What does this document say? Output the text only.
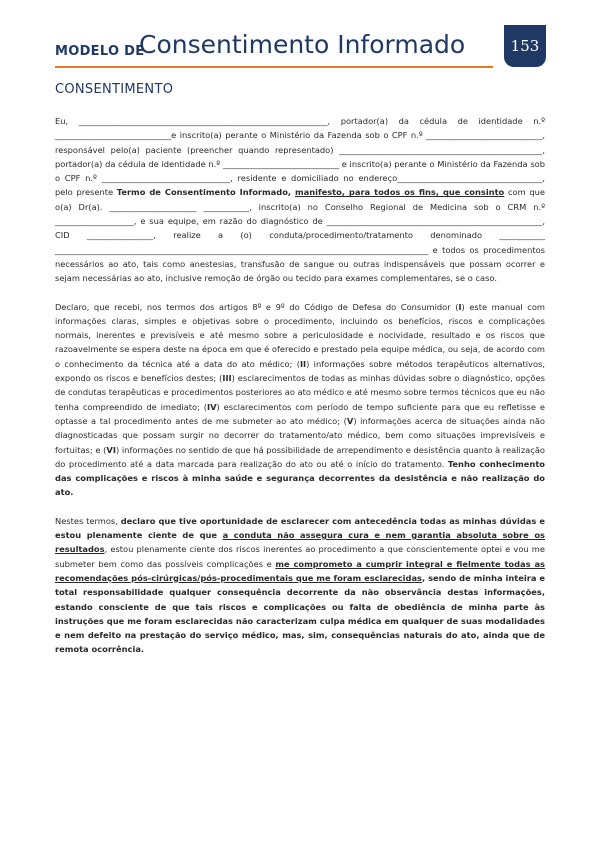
MODELO DE
Consentimento Informado	153
CONSENTIMENTO

Eu, ____________________________________________________________, portador(a) da cédula de identidade n.º ____________________________e inscrito(a) perante o Ministério da Fazenda sob o CPF n.º ____________________________, responsável pelo(a) paciente (preencher quando representado) _________________________________________________, portador(a) da cédula de identidade n.º ____________________________ e inscrito(a) perante o Ministério da Fazenda sob o CPF n.º _______________________________, residente e domiciliado no endereço___________________________________, pelo presente Termo de Consentimento Informado, manifesto, para todos os fins, que consinto com que o(a) Dr(a). _____________________ ___________, inscrito(a) no Conselho Regional de Medicina sob o CRM n.º ___________________, e sua equipe, em razão do diagnóstico de ____________________________________________________, CID ________________, realize a (o) conduta/procedimento/tratamento denominado ___________ __________________________________________________________________________________________ e todos os procedimentos necessários ao ato, tais como anestesias, transfusão de sangue ou outras indispensáveis que possam ocorrer e sejam necessárias ao ato, inclusive remoção de órgão ou tecido para exames complementares, se o caso.

Declaro, que recebi, nos termos dos artigos 8º e 9º do Código de Defesa do Consumidor (I) este manual com informações claras, simples e objetivas sobre o procedimento, incluindo os benefícios, riscos e complicações normais, inerentes e previsíveis e até mesmo sobre a periculosidade e nocividade, resultado e os riscos que razoavelmente se espera deste na época em que é oferecido e prestado pela equipe médica, ou seja, de acordo com o conhecimento da técnica até a data do ato médico; (II) informações sobre métodos terapêuticos alternativos, expondo os riscos e benefícios destes; (III) esclarecimentos de todas as minhas dúvidas sobre o diagnóstico, opções de condutas terapêuticas e procedimentos posteriores ao ato médico e até mesmo sobre termos técnicos que eu não tenha compreendido de imediato; (IV) esclarecimentos com período de tempo suficiente para que eu refletisse e optasse a tal procedimento antes de me submeter ao ato médico; (V) informações acerca de situações ainda não diagnosticadas que possam surgir no decorrer do tratamento/ato médico, bem como situações imprevisíveis e fortuitas; e (VI) informações no sentido de que há possibilidade de arrependimento e desistência quanto à realização do procedimento até a data marcada para realização do ato ou até o início do tratamento. Tenho conhecimento das complicações e riscos à minha saúde e segurança decorrentes da desistência e não realização do ato.

Nestes termos, declaro que tive oportunidade de esclarecer com antecedência todas as minhas dúvidas e estou plenamente ciente de que a conduta não assegura cura e nem garantia absoluta sobre os resultados, estou plenamente ciente dos riscos inerentes ao procedimento a que conscientemente optei e vou me submeter bem como das possíveis complicações e me comprometo a cumprir integral e fielmente todas as recomendações pós-cirúrgicas/pós-procedimentais que me foram esclarecidas, sendo de minha inteira e total responsabilidade qualquer consequência decorrente da não observância destas informações, estando consciente de que tais riscos e complicações ou falta de obediência de minha parte às instruções que me foram esclarecidas não caracterizam culpa médica em qualquer de suas modalidades e nem defeito na prestação do serviço médico, mas, sim, consequências naturais do ato, ainda que de remota ocorrência.
